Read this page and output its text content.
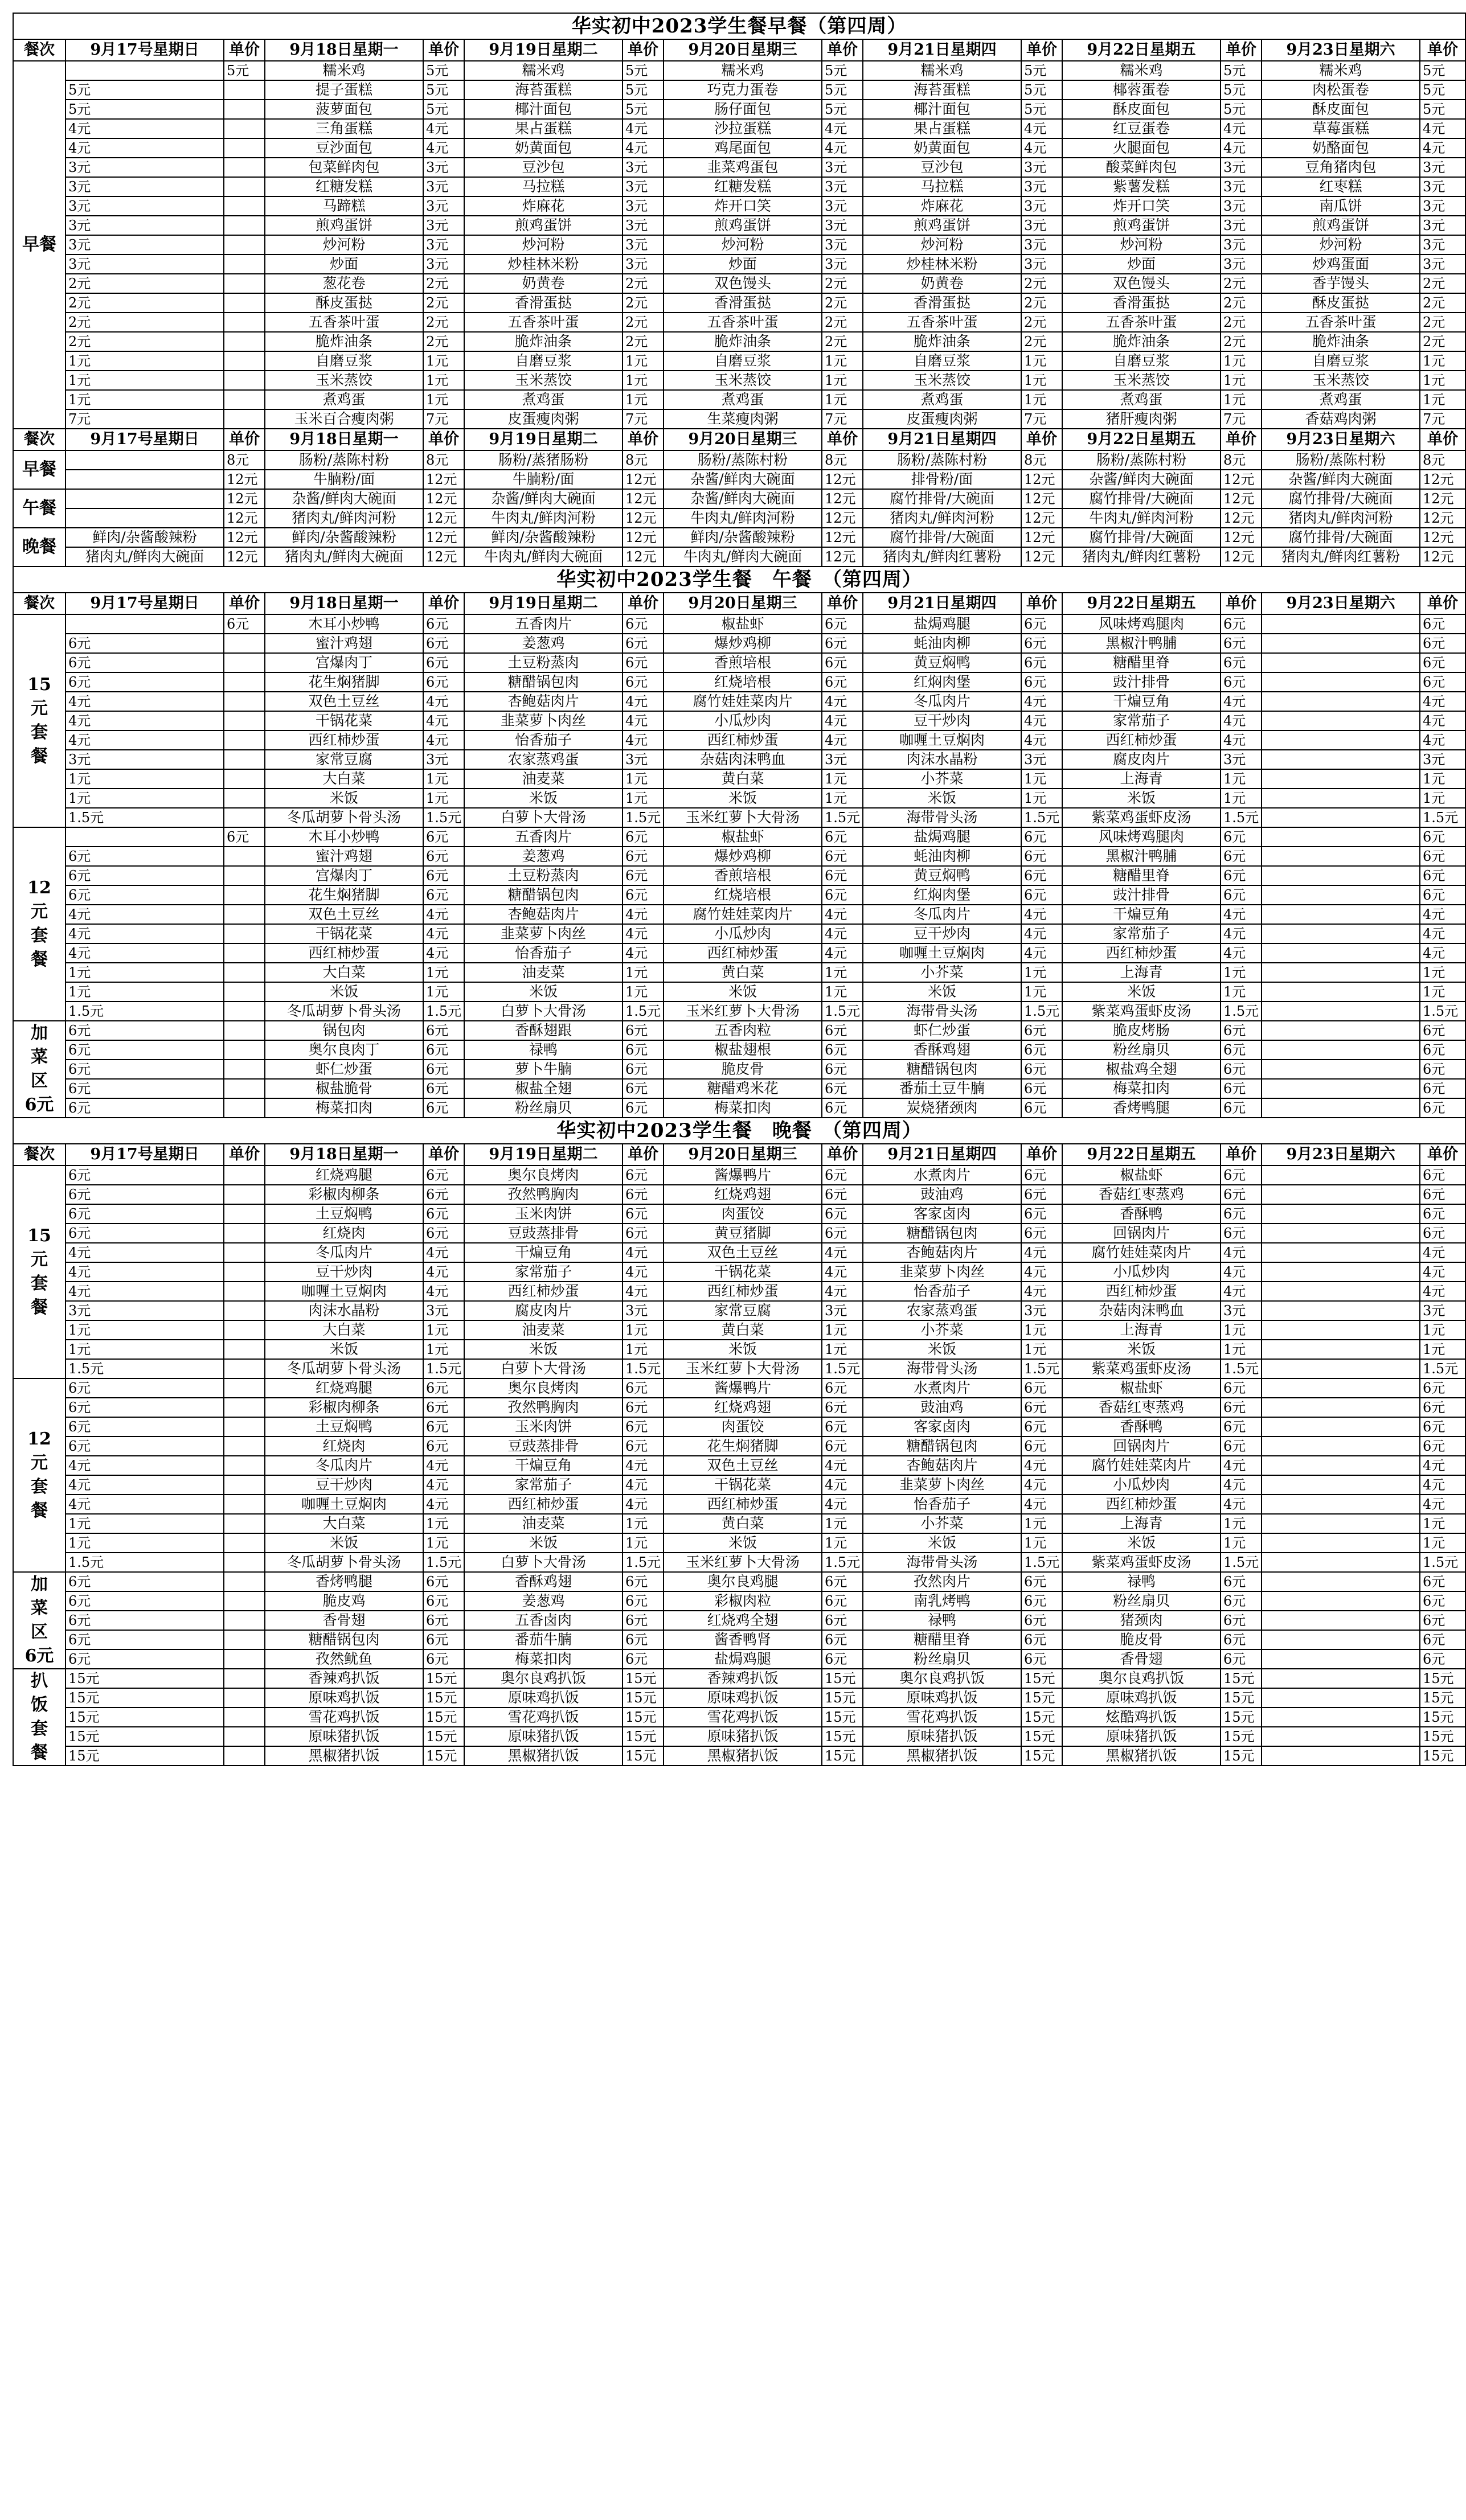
华实初中2023学生餐早餐（第四周）														
餐次	9月17号星期日	单价	9月18日星期一	单价	9月19日星期二	单价	9月20日星期三	单价	9月21日星期四	单价	9月22日星期五	单价	9月23日星期六	单价
早餐		5元	糯米鸡	5元	糯米鸡	5元	糯米鸡	5元	糯米鸡	5元	糯米鸡	5元	糯米鸡	5元
	5元		提子蛋糕	5元	海苔蛋糕	5元	巧克力蛋卷	5元	海苔蛋糕	5元	椰蓉蛋卷	5元	肉松蛋卷	5元
	5元		菠萝面包	5元	椰汁面包	5元	肠仔面包	5元	椰汁面包	5元	酥皮面包	5元	酥皮面包	5元
	4元		三角蛋糕	4元	果占蛋糕	4元	沙拉蛋糕	4元	果占蛋糕	4元	红豆蛋卷	4元	草莓蛋糕	4元
	4元		豆沙面包	4元	奶黄面包	4元	鸡尾面包	4元	奶黄面包	4元	火腿面包	4元	奶酪面包	4元
	3元		包菜鲜肉包	3元	豆沙包	3元	韭菜鸡蛋包	3元	豆沙包	3元	酸菜鲜肉包	3元	豆角猪肉包	3元
	3元		红糖发糕	3元	马拉糕	3元	红糖发糕	3元	马拉糕	3元	紫薯发糕	3元	红枣糕	3元
	3元		马蹄糕	3元	炸麻花	3元	炸开口笑	3元	炸麻花	3元	炸开口笑	3元	南瓜饼	3元
	3元		煎鸡蛋饼	3元	煎鸡蛋饼	3元	煎鸡蛋饼	3元	煎鸡蛋饼	3元	煎鸡蛋饼	3元	煎鸡蛋饼	3元
	3元		炒河粉	3元	炒河粉	3元	炒河粉	3元	炒河粉	3元	炒河粉	3元	炒河粉	3元
	3元		炒面	3元	炒桂林米粉	3元	炒面	3元	炒桂林米粉	3元	炒面	3元	炒鸡蛋面	3元
	2元		葱花卷	2元	奶黄卷	2元	双色馒头	2元	奶黄卷	2元	双色馒头	2元	香芋馒头	2元
	2元		酥皮蛋挞	2元	香滑蛋挞	2元	香滑蛋挞	2元	香滑蛋挞	2元	香滑蛋挞	2元	酥皮蛋挞	2元
	2元		五香茶叶蛋	2元	五香茶叶蛋	2元	五香茶叶蛋	2元	五香茶叶蛋	2元	五香茶叶蛋	2元	五香茶叶蛋	2元
	2元		脆炸油条	2元	脆炸油条	2元	脆炸油条	2元	脆炸油条	2元	脆炸油条	2元	脆炸油条	2元
	1元		自磨豆浆	1元	自磨豆浆	1元	自磨豆浆	1元	自磨豆浆	1元	自磨豆浆	1元	自磨豆浆	1元
	1元		玉米蒸饺	1元	玉米蒸饺	1元	玉米蒸饺	1元	玉米蒸饺	1元	玉米蒸饺	1元	玉米蒸饺	1元
	1元		煮鸡蛋	1元	煮鸡蛋	1元	煮鸡蛋	1元	煮鸡蛋	1元	煮鸡蛋	1元	煮鸡蛋	1元
	7元		玉米百合瘦肉粥	7元	皮蛋瘦肉粥	7元	生菜瘦肉粥	7元	皮蛋瘦肉粥	7元	猪肝瘦肉粥	7元	香菇鸡肉粥	7元
餐次	9月17号星期日	单价	9月18日星期一	单价	9月19日星期二	单价	9月20日星期三	单价	9月21日星期四	单价	9月22日星期五	单价	9月23日星期六	单价
早餐		8元	肠粉/蒸陈村粉	8元	肠粉/蒸猪肠粉	8元	肠粉/蒸陈村粉	8元	肠粉/蒸陈村粉	8元	肠粉/蒸陈村粉	8元	肠粉/蒸陈村粉	8元
		12元	牛腩粉/面	12元	牛腩粉/面	12元	杂酱/鲜肉大碗面	12元	排骨粉/面	12元	杂酱/鲜肉大碗面	12元	杂酱/鲜肉大碗面	12元
午餐		12元	杂酱/鲜肉大碗面	12元	杂酱/鲜肉大碗面	12元	杂酱/鲜肉大碗面	12元	腐竹排骨/大碗面	12元	腐竹排骨/大碗面	12元	腐竹排骨/大碗面	12元
		12元	猪肉丸/鲜肉河粉	12元	牛肉丸/鲜肉河粉	12元	牛肉丸/鲜肉河粉	12元	猪肉丸/鲜肉河粉	12元	牛肉丸/鲜肉河粉	12元	猪肉丸/鲜肉河粉	12元
晚餐	鲜肉/杂酱酸辣粉	12元	鲜肉/杂酱酸辣粉	12元	鲜肉/杂酱酸辣粉	12元	鲜肉/杂酱酸辣粉	12元	腐竹排骨/大碗面	12元	腐竹排骨/大碗面	12元	腐竹排骨/大碗面	12元
	猪肉丸/鲜肉大碗面	12元	猪肉丸/鲜肉大碗面	12元	牛肉丸/鲜肉大碗面	12元	牛肉丸/鲜肉大碗面	12元	猪肉丸/鲜肉红薯粉	12元	猪肉丸/鲜肉红薯粉	12元	猪肉丸/鲜肉红薯粉	12元
华实初中2023学生餐　午餐　（第四周）														
餐次	9月17号星期日	单价	9月18日星期一	单价	9月19日星期二	单价	9月20日星期三	单价	9月21日星期四	单价	9月22日星期五	单价	9月23日星期六	单价
15
元
套
餐		6元	木耳小炒鸭	6元	五香肉片	6元	椒盐虾	6元	盐焗鸡腿	6元	风味烤鸡腿肉	6元		6元
	6元		蜜汁鸡翅	6元	姜葱鸡	6元	爆炒鸡柳	6元	蚝油肉柳	6元	黑椒汁鸭脯	6元		6元
	6元		宫爆肉丁	6元	土豆粉蒸肉	6元	香煎培根	6元	黄豆焖鸭	6元	糖醋里脊	6元		6元
	6元		花生焖猪脚	6元	糖醋锅包肉	6元	红烧培根	6元	红焖肉堡	6元	豉汁排骨	6元		6元
	4元		双色土豆丝	4元	杏鲍菇肉片	4元	腐竹娃娃菜肉片	4元	冬瓜肉片	4元	干煸豆角	4元		4元
	4元		干锅花菜	4元	韭菜萝卜肉丝	4元	小瓜炒肉	4元	豆干炒肉	4元	家常茄子	4元		4元
	4元		西红柿炒蛋	4元	怡香茄子	4元	西红柿炒蛋	4元	咖喱土豆焖肉	4元	西红柿炒蛋	4元		4元
	3元		家常豆腐	3元	农家蒸鸡蛋	3元	杂菇肉沫鸭血	3元	肉沫水晶粉	3元	腐皮肉片	3元		3元
	1元		大白菜	1元	油麦菜	1元	黄白菜	1元	小芥菜	1元	上海青	1元		1元
	1元		米饭	1元	米饭	1元	米饭	1元	米饭	1元	米饭	1元		1元
	1.5元		冬瓜胡萝卜骨头汤	1.5元	白萝卜大骨汤	1.5元	玉米红萝卜大骨汤	1.5元	海带骨头汤	1.5元	紫菜鸡蛋虾皮汤	1.5元		1.5元
12
元
套
餐		6元	木耳小炒鸭	6元	五香肉片	6元	椒盐虾	6元	盐焗鸡腿	6元	风味烤鸡腿肉	6元		6元
	6元		蜜汁鸡翅	6元	姜葱鸡	6元	爆炒鸡柳	6元	蚝油肉柳	6元	黑椒汁鸭脯	6元		6元
	6元		宫爆肉丁	6元	土豆粉蒸肉	6元	香煎培根	6元	黄豆焖鸭	6元	糖醋里脊	6元		6元
	6元		花生焖猪脚	6元	糖醋锅包肉	6元	红烧培根	6元	红焖肉堡	6元	豉汁排骨	6元		6元
	4元		双色土豆丝	4元	杏鲍菇肉片	4元	腐竹娃娃菜肉片	4元	冬瓜肉片	4元	干煸豆角	4元		4元
	4元		干锅花菜	4元	韭菜萝卜肉丝	4元	小瓜炒肉	4元	豆干炒肉	4元	家常茄子	4元		4元
	4元		西红柿炒蛋	4元	怡香茄子	4元	西红柿炒蛋	4元	咖喱土豆焖肉	4元	西红柿炒蛋	4元		4元
	1元		大白菜	1元	油麦菜	1元	黄白菜	1元	小芥菜	1元	上海青	1元		1元
	1元		米饭	1元	米饭	1元	米饭	1元	米饭	1元	米饭	1元		1元
	1.5元		冬瓜胡萝卜骨头汤	1.5元	白萝卜大骨汤	1.5元	玉米红萝卜大骨汤	1.5元	海带骨头汤	1.5元	紫菜鸡蛋虾皮汤	1.5元		1.5元
加
菜
区
6元	6元		锅包肉	6元	香酥翅跟	6元	五香肉粒	6元	虾仁炒蛋	6元	脆皮烤肠	6元		6元
	6元		奥尔良肉丁	6元	禄鸭	6元	椒盐翅根	6元	香酥鸡翅	6元	粉丝扇贝	6元		6元
	6元		虾仁炒蛋	6元	萝卜牛腩	6元	脆皮骨	6元	糖醋锅包肉	6元	椒盐鸡全翅	6元		6元
	6元		椒盐脆骨	6元	椒盐全翅	6元	糖醋鸡米花	6元	番茄土豆牛腩	6元	梅菜扣肉	6元		6元
	6元		梅菜扣肉	6元	粉丝扇贝	6元	梅菜扣肉	6元	炭烧猪颈肉	6元	香烤鸭腿	6元		6元
华实初中2023学生餐　晚餐　（第四周）														
餐次	9月17号星期日	单价	9月18日星期一	单价	9月19日星期二	单价	9月20日星期三	单价	9月21日星期四	单价	9月22日星期五	单价	9月23日星期六	单价
15
元
套
餐	6元		红烧鸡腿	6元	奥尔良烤肉	6元	酱爆鸭片	6元	水煮肉片	6元	椒盐虾	6元		6元
	6元		彩椒肉柳条	6元	孜然鸭胸肉	6元	红烧鸡翅	6元	豉油鸡	6元	香菇红枣蒸鸡	6元		6元
	6元		土豆焖鸭	6元	玉米肉饼	6元	肉蛋饺	6元	客家卤肉	6元	香酥鸭	6元		6元
	6元		红烧肉	6元	豆豉蒸排骨	6元	黄豆猪脚	6元	糖醋锅包肉	6元	回锅肉片	6元		6元
	4元		冬瓜肉片	4元	干煸豆角	4元	双色土豆丝	4元	杏鲍菇肉片	4元	腐竹娃娃菜肉片	4元		4元
	4元		豆干炒肉	4元	家常茄子	4元	干锅花菜	4元	韭菜萝卜肉丝	4元	小瓜炒肉	4元		4元
	4元		咖喱土豆焖肉	4元	西红柿炒蛋	4元	西红柿炒蛋	4元	怡香茄子	4元	西红柿炒蛋	4元		4元
	3元		肉沫水晶粉	3元	腐皮肉片	3元	家常豆腐	3元	农家蒸鸡蛋	3元	杂菇肉沫鸭血	3元		3元
	1元		大白菜	1元	油麦菜	1元	黄白菜	1元	小芥菜	1元	上海青	1元		1元
	1元		米饭	1元	米饭	1元	米饭	1元	米饭	1元	米饭	1元		1元
	1.5元		冬瓜胡萝卜骨头汤	1.5元	白萝卜大骨汤	1.5元	玉米红萝卜大骨汤	1.5元	海带骨头汤	1.5元	紫菜鸡蛋虾皮汤	1.5元		1.5元
12
元
套
餐	6元		红烧鸡腿	6元	奥尔良烤肉	6元	酱爆鸭片	6元	水煮肉片	6元	椒盐虾	6元		6元
	6元		彩椒肉柳条	6元	孜然鸭胸肉	6元	红烧鸡翅	6元	豉油鸡	6元	香菇红枣蒸鸡	6元		6元
	6元		土豆焖鸭	6元	玉米肉饼	6元	肉蛋饺	6元	客家卤肉	6元	香酥鸭	6元		6元
	6元		红烧肉	6元	豆豉蒸排骨	6元	花生焖猪脚	6元	糖醋锅包肉	6元	回锅肉片	6元		6元
	4元		冬瓜肉片	4元	干煸豆角	4元	双色土豆丝	4元	杏鲍菇肉片	4元	腐竹娃娃菜肉片	4元		4元
	4元		豆干炒肉	4元	家常茄子	4元	干锅花菜	4元	韭菜萝卜肉丝	4元	小瓜炒肉	4元		4元
	4元		咖喱土豆焖肉	4元	西红柿炒蛋	4元	西红柿炒蛋	4元	怡香茄子	4元	西红柿炒蛋	4元		4元
	1元		大白菜	1元	油麦菜	1元	黄白菜	1元	小芥菜	1元	上海青	1元		1元
	1元		米饭	1元	米饭	1元	米饭	1元	米饭	1元	米饭	1元		1元
	1.5元		冬瓜胡萝卜骨头汤	1.5元	白萝卜大骨汤	1.5元	玉米红萝卜大骨汤	1.5元	海带骨头汤	1.5元	紫菜鸡蛋虾皮汤	1.5元		1.5元
加
菜
区
6元	6元		香烤鸭腿	6元	香酥鸡翅	6元	奥尔良鸡腿	6元	孜然肉片	6元	禄鸭	6元		6元
	6元		脆皮鸡	6元	姜葱鸡	6元	彩椒肉粒	6元	南乳烤鸭	6元	粉丝扇贝	6元		6元
	6元		香骨翅	6元	五香卤肉	6元	红烧鸡全翅	6元	禄鸭	6元	猪颈肉	6元		6元
	6元		糖醋锅包肉	6元	番茄牛腩	6元	酱香鸭肾	6元	糖醋里脊	6元	脆皮骨	6元		6元
	6元		孜然鱿鱼	6元	梅菜扣肉	6元	盐焗鸡腿	6元	粉丝扇贝	6元	香骨翅	6元		6元
扒
饭
套
餐	15元		香辣鸡扒饭	15元	奥尔良鸡扒饭	15元	香辣鸡扒饭	15元	奥尔良鸡扒饭	15元	奥尔良鸡扒饭	15元		15元
	15元		原味鸡扒饭	15元	原味鸡扒饭	15元	原味鸡扒饭	15元	原味鸡扒饭	15元	原味鸡扒饭	15元		15元
	15元		雪花鸡扒饭	15元	雪花鸡扒饭	15元	雪花鸡扒饭	15元	雪花鸡扒饭	15元	炫酷鸡扒饭	15元		15元
	15元		原味猪扒饭	15元	原味猪扒饭	15元	原味猪扒饭	15元	原味猪扒饭	15元	原味猪扒饭	15元		15元
	15元		黑椒猪扒饭	15元	黑椒猪扒饭	15元	黑椒猪扒饭	15元	黑椒猪扒饭	15元	黑椒猪扒饭	15元		15元
